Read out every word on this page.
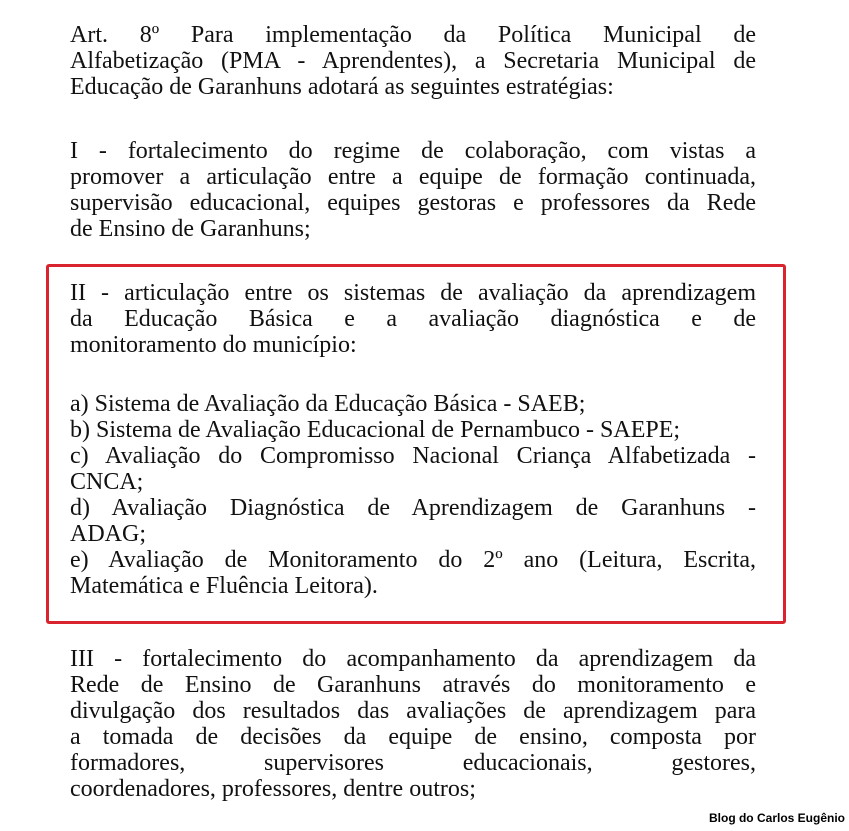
Art. 8º Para implementação da Política Municipal de
Alfabetização (PMA - Aprendentes), a Secretaria Municipal de
Educação de Garanhuns adotará as seguintes estratégias:

I - fortalecimento do regime de colaboração, com vistas a
promover a articulação entre a equipe de formação continuada,
supervisão educacional, equipes gestoras e professores da Rede
de Ensino de Garanhuns;

II - articulação entre os sistemas de avaliação da aprendizagem
da Educação Básica e a avaliação diagnóstica e de
monitoramento do município:

a) Sistema de Avaliação da Educação Básica - SAEB;
b) Sistema de Avaliação Educacional de Pernambuco - SAEPE;
c) Avaliação do Compromisso Nacional Criança Alfabetizada -
CNCA;
d) Avaliação Diagnóstica de Aprendizagem de Garanhuns -
ADAG;
e) Avaliação de Monitoramento do 2º ano (Leitura, Escrita,
Matemática e Fluência Leitora).

III - fortalecimento do acompanhamento da aprendizagem da
Rede de Ensino de Garanhuns através do monitoramento e
divulgação dos resultados das avaliações de aprendizagem para
a tomada de decisões da equipe de ensino, composta por
formadores, supervisores educacionais, gestores,
coordenadores, professores, dentre outros;

Blog do Carlos Eugênio
